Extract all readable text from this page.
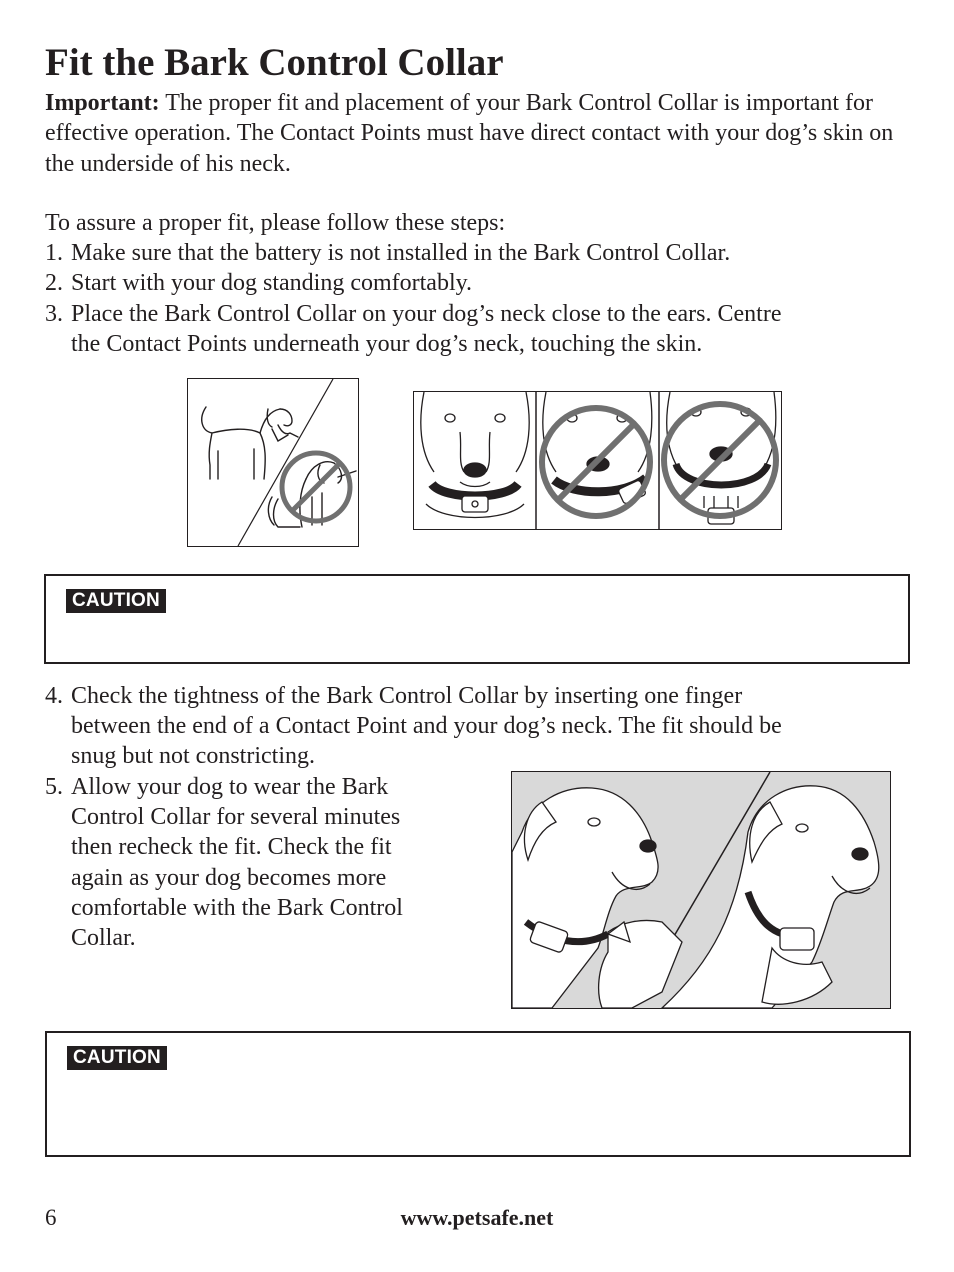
Fit the Bark Control Collar

Important: The proper fit and placement of your Bark Control Collar is important for effective operation. The Contact Points must have direct contact with your dog’s skin on the underside of his neck.

To assure a proper fit, please follow these steps:
1. Make sure that the battery is not installed in the Bark Control Collar.
2. Start with your dog standing comfortably.
3. Place the Bark Control Collar on your dog’s neck close to the ears. Centre
the Contact Points underneath your dog’s neck, touching the skin.
CAUTION
4. Check the tightness of the Bark Control Collar by inserting one finger
between the end of a Contact Point and your dog’s neck. The fit should be
snug but not constricting.
5. Allow your dog to wear the Bark
Control Collar for several minutes
then recheck the fit. Check the fit
again as your dog becomes more
comfortable with the Bark Control
Collar.
CAUTION
6	www.petsafe.net
